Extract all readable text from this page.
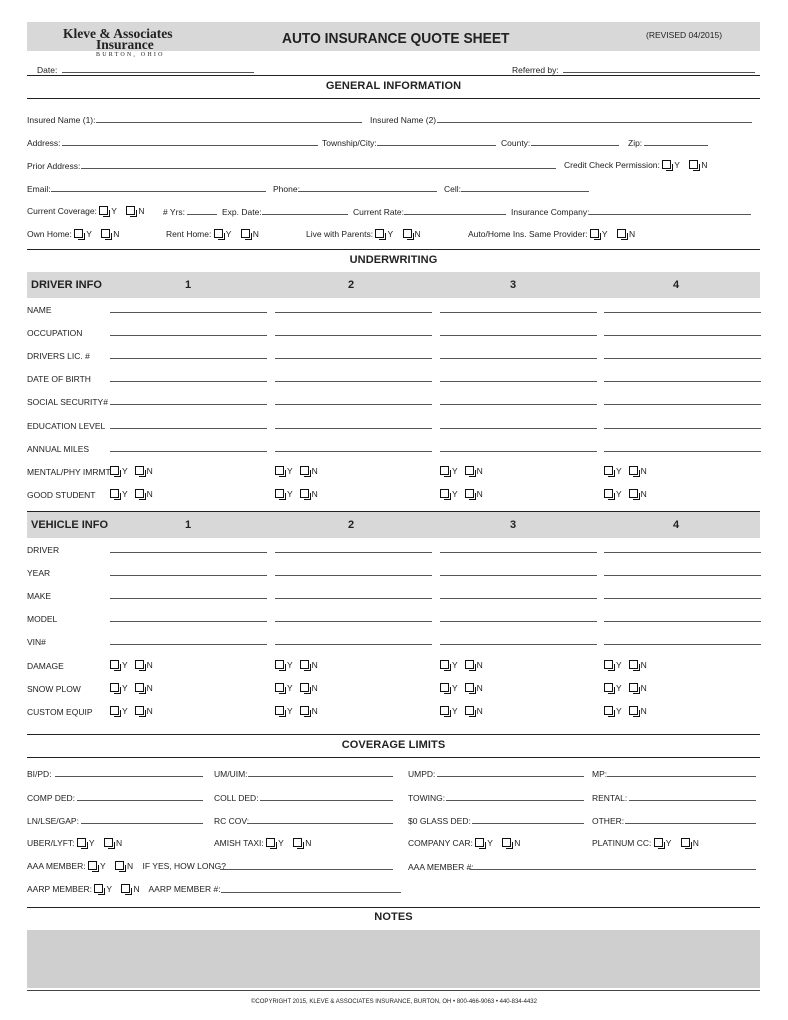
Kleve & Associates
Insurance
BURTON, OHIO
AUTO INSURANCE QUOTE SHEET	(REVISED 04/2015)
Date:	Referred by:
GENERAL INFORMATION
Insured Name (1):	Insured Name (2)
Address:	Township/City:	County:	Zip:
Prior Address:	Credit Check Permission: Y	N
Email:	Phone:	Cell:
Current Coverage: Y	N # Yrs:	Exp. Date:	Current Rate:	Insurance Company:
Own Home: Y	N	Rent Home: Y	N	Live with Parents: Y	N	Auto/Home Ins. Same Provider: Y	N
UNDERWRITING
DRIVER INFO	1	2	3	4
NAME
OCCUPATION
DRIVERS LIC. #
DATE OF BIRTH
SOCIAL SECURITY#
EDUCATION LEVEL
ANNUAL MILES
MENTAL/PHY IMRMT	Y N	Y N	Y N	Y N
GOOD STUDENT	Y N	Y N	Y N	Y N
VEHICLE INFO	1	2	3	4
DRIVER
YEAR
MAKE
MODEL
VIN#
DAMAGE	Y N	Y N	Y N	Y N
SNOW PLOW	Y N	Y N	Y N	Y N
CUSTOM EQUIP	Y N	Y N	Y N	Y N
COVERAGE LIMITS
BI/PD:	UM/UIM:	UMPD:	MP:
COMP DED:	COLL DED:	TOWING:	RENTAL:
LN/LSE/GAP:	RC COV:	$0 GLASS DED:	OTHER:
UBER/LYFT: Y	N	AMISH TAXI: Y	N	COMPANY CAR: Y	N	PLATINUM CC: Y	N
AAA MEMBER: Y	N IF YES, HOW LONG?	AAA MEMBER #:
AARP MEMBER: Y	N AARP MEMBER #:
NOTES
©COPYRIGHT 2015, KLEVE & ASSOCIATES INSURANCE, BURTON, OH • 800-466-9063 • 440-834-4432
